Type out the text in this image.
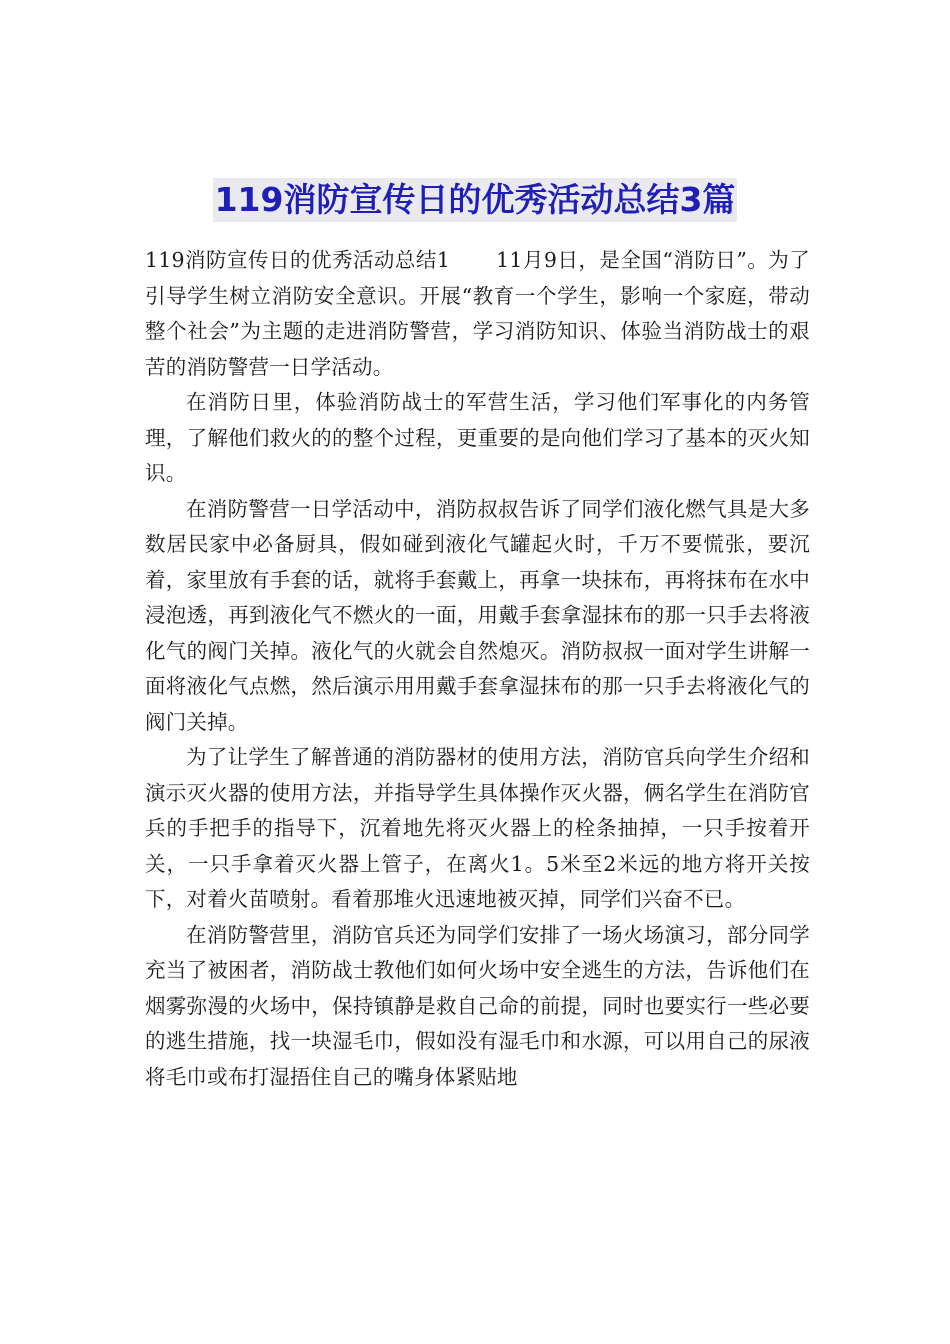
119消防宣传日的优秀活动总结3篇

119消防宣传日的优秀活动总结1 11月9日，是全国“消防日”。为了引导学生树立消防安全意识。开展“教育一个学生，影响一个家庭，带动整个社会”为主题的走进消防警营，学习消防知识、体验当消防战士的艰苦的消防警营一日学活动。

在消防日里，体验消防战士的军营生活，学习他们军事化的内务管理，了解他们救火的的整个过程，更重要的是向他们学习了基本的灭火知识。

在消防警营一日学活动中，消防叔叔告诉了同学们液化燃气具是大多数居民家中必备厨具，假如碰到液化气罐起火时，千万不要慌张，要沉着，家里放有手套的话，就将手套戴上，再拿一块抹布，再将抹布在水中浸泡透，再到液化气不燃火的一面，用戴手套拿湿抹布的那一只手去将液化气的阀门关掉。液化气的火就会自然熄灭。消防叔叔一面对学生讲解一面将液化气点燃，然后演示用用戴手套拿湿抹布的那一只手去将液化气的阀门关掉。

为了让学生了解普通的消防器材的使用方法，消防官兵向学生介绍和演示灭火器的使用方法，并指导学生具体操作灭火器，俩名学生在消防官兵的手把手的指导下，沉着地先将灭火器上的栓条抽掉，一只手按着开关，一只手拿着灭火器上管子，在离火1。5米至2米远的地方将开关按下，对着火苗喷射。看着那堆火迅速地被灭掉，同学们兴奋不已。

在消防警营里，消防官兵还为同学们安排了一场火场演习，部分同学充当了被困者，消防战士教他们如何火场中安全逃生的方法，告诉他们在烟雾弥漫的火场中，保持镇静是救自己命的前提，同时也要实行一些必要的逃生措施，找一块湿毛巾，假如没有湿毛巾和水源，可以用自己的尿液将毛巾或布打湿捂住自己的嘴身体紧贴地
